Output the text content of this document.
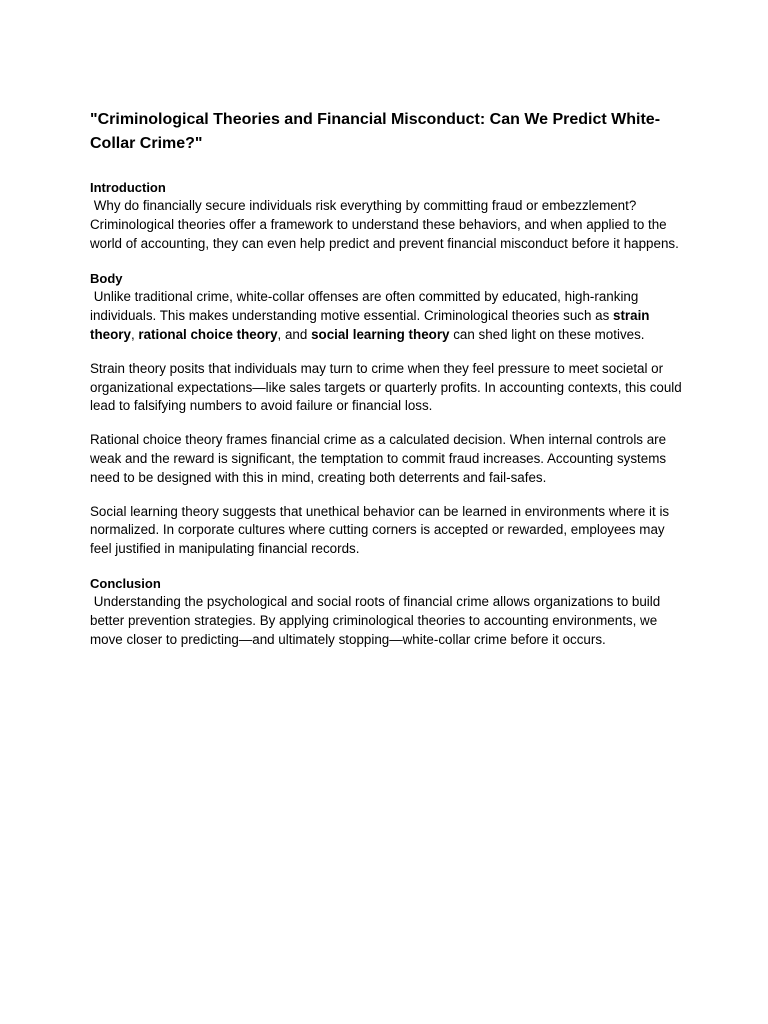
"Criminological Theories and Financial Misconduct: Can We Predict White-Collar Crime?"
Introduction

Why do financially secure individuals risk everything by committing fraud or embezzlement? Criminological theories offer a framework to understand these behaviors, and when applied to the world of accounting, they can even help predict and prevent financial misconduct before it happens.

Body

Unlike traditional crime, white-collar offenses are often committed by educated, high-ranking individuals. This makes understanding motive essential. Criminological theories such as strain theory, rational choice theory, and social learning theory can shed light on these motives.

Strain theory posits that individuals may turn to crime when they feel pressure to meet societal or organizational expectations—like sales targets or quarterly profits. In accounting contexts, this could lead to falsifying numbers to avoid failure or financial loss.

Rational choice theory frames financial crime as a calculated decision. When internal controls are weak and the reward is significant, the temptation to commit fraud increases. Accounting systems need to be designed with this in mind, creating both deterrents and fail-safes.

Social learning theory suggests that unethical behavior can be learned in environments where it is normalized. In corporate cultures where cutting corners is accepted or rewarded, employees may feel justified in manipulating financial records.

Conclusion

Understanding the psychological and social roots of financial crime allows organizations to build better prevention strategies. By applying criminological theories to accounting environments, we move closer to predicting—and ultimately stopping—white-collar crime before it occurs.
